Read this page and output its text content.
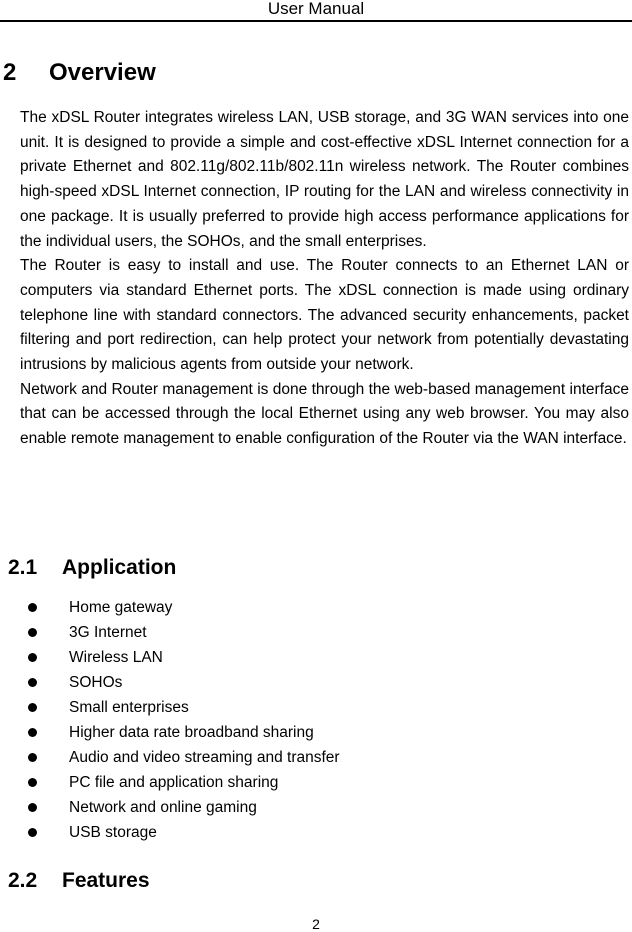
User Manual
2 Overview

The xDSL Router integrates wireless LAN, USB storage, and 3G WAN services into one unit. It is designed to provide a simple and cost-effective xDSL Internet connection for a private Ethernet and 802.11g/802.11b/802.11n wireless network. The Router combines high-speed xDSL Internet connection, IP routing for the LAN and wireless connectivity in one package. It is usually preferred to provide high access performance applications for the individual users, the SOHOs, and the small enterprises.

The Router is easy to install and use. The Router connects to an Ethernet LAN or computers via standard Ethernet ports. The xDSL connection is made using ordinary telephone line with standard connectors. The advanced security enhancements, packet filtering and port redirection, can help protect your network from potentially devastating intrusions by malicious agents from outside your network.

Network and Router management is done through the web-based management interface that can be accessed through the local Ethernet using any web browser. You may also enable remote management to enable configuration of the Router via the WAN interface.

2.1 Application
Home gateway
3G Internet
Wireless LAN
SOHOs
Small enterprises
Higher data rate broadband sharing
Audio and video streaming and transfer
PC file and application sharing
Network and online gaming
USB storage
2.2 Features
2
